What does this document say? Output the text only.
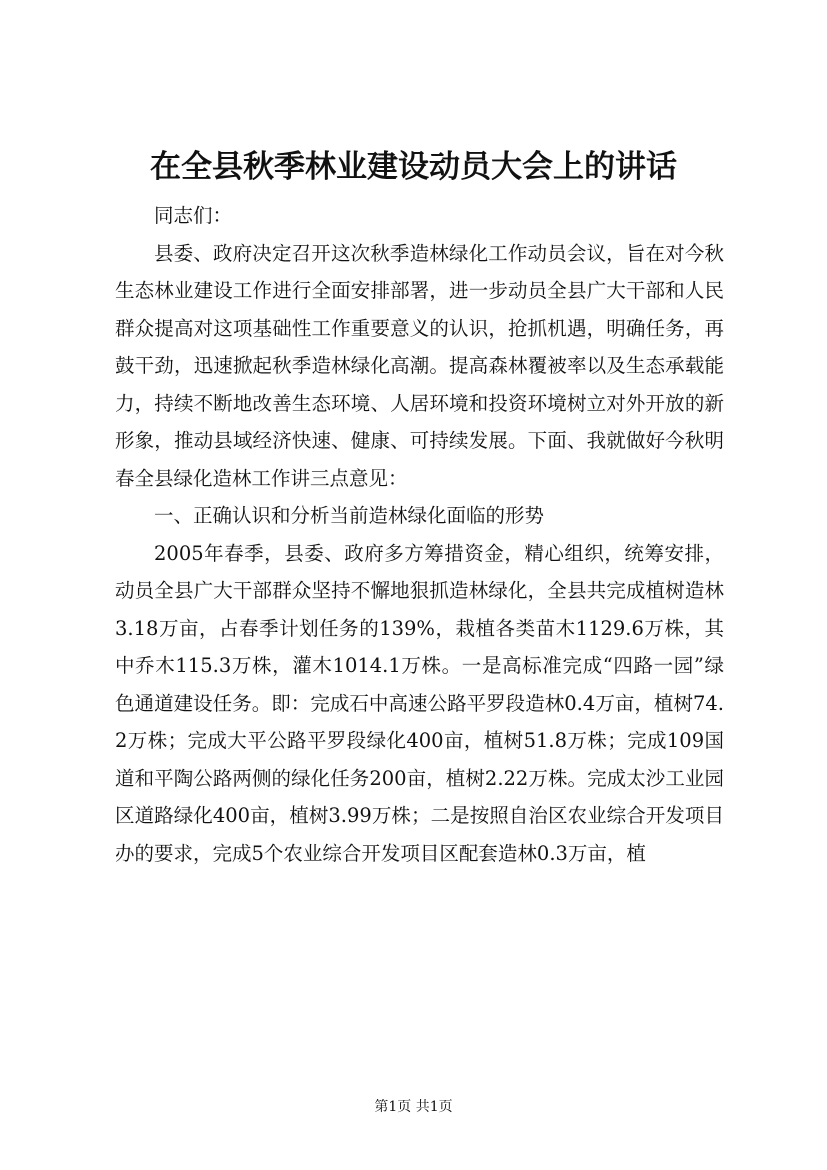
在全县秋季林业建设动员大会上的讲话

同志们：

县委、政府决定召开这次秋季造林绿化工作动员会议，旨在对今秋生态林业建设工作进行全面安排部署，进一步动员全县广大干部和人民群众提高对这项基础性工作重要意义的认识，抢抓机遇，明确任务，再鼓干劲，迅速掀起秋季造林绿化高潮。提高森林覆被率以及生态承载能力，持续不断地改善生态环境、人居环境和投资环境树立对外开放的新形象，推动县域经济快速、健康、可持续发展。下面、我就做好今秋明春全县绿化造林工作讲三点意见：

一、正确认识和分析当前造林绿化面临的形势

2005年春季，县委、政府多方筹措资金，精心组织，统筹安排，动员全县广大干部群众坚持不懈地狠抓造林绿化，全县共完成植树造林3.18万亩，占春季计划任务的139%，栽植各类苗木1129.6万株，其中乔木115.3万株，灌木1014.1万株。一是高标准完成“四路一园”绿色通道建设任务。即：完成石中高速公路平罗段造林0.4万亩，植树74.2万株；完成大平公路平罗段绿化400亩，植树51.8万株；完成109国道和平陶公路两侧的绿化任务200亩，植树2.22万株。完成太沙工业园区道路绿化400亩，植树3.99万株；二是按照自治区农业综合开发项目办的要求，完成5个农业综合开发项目区配套造林0.3万亩，植

第1页 共1页
